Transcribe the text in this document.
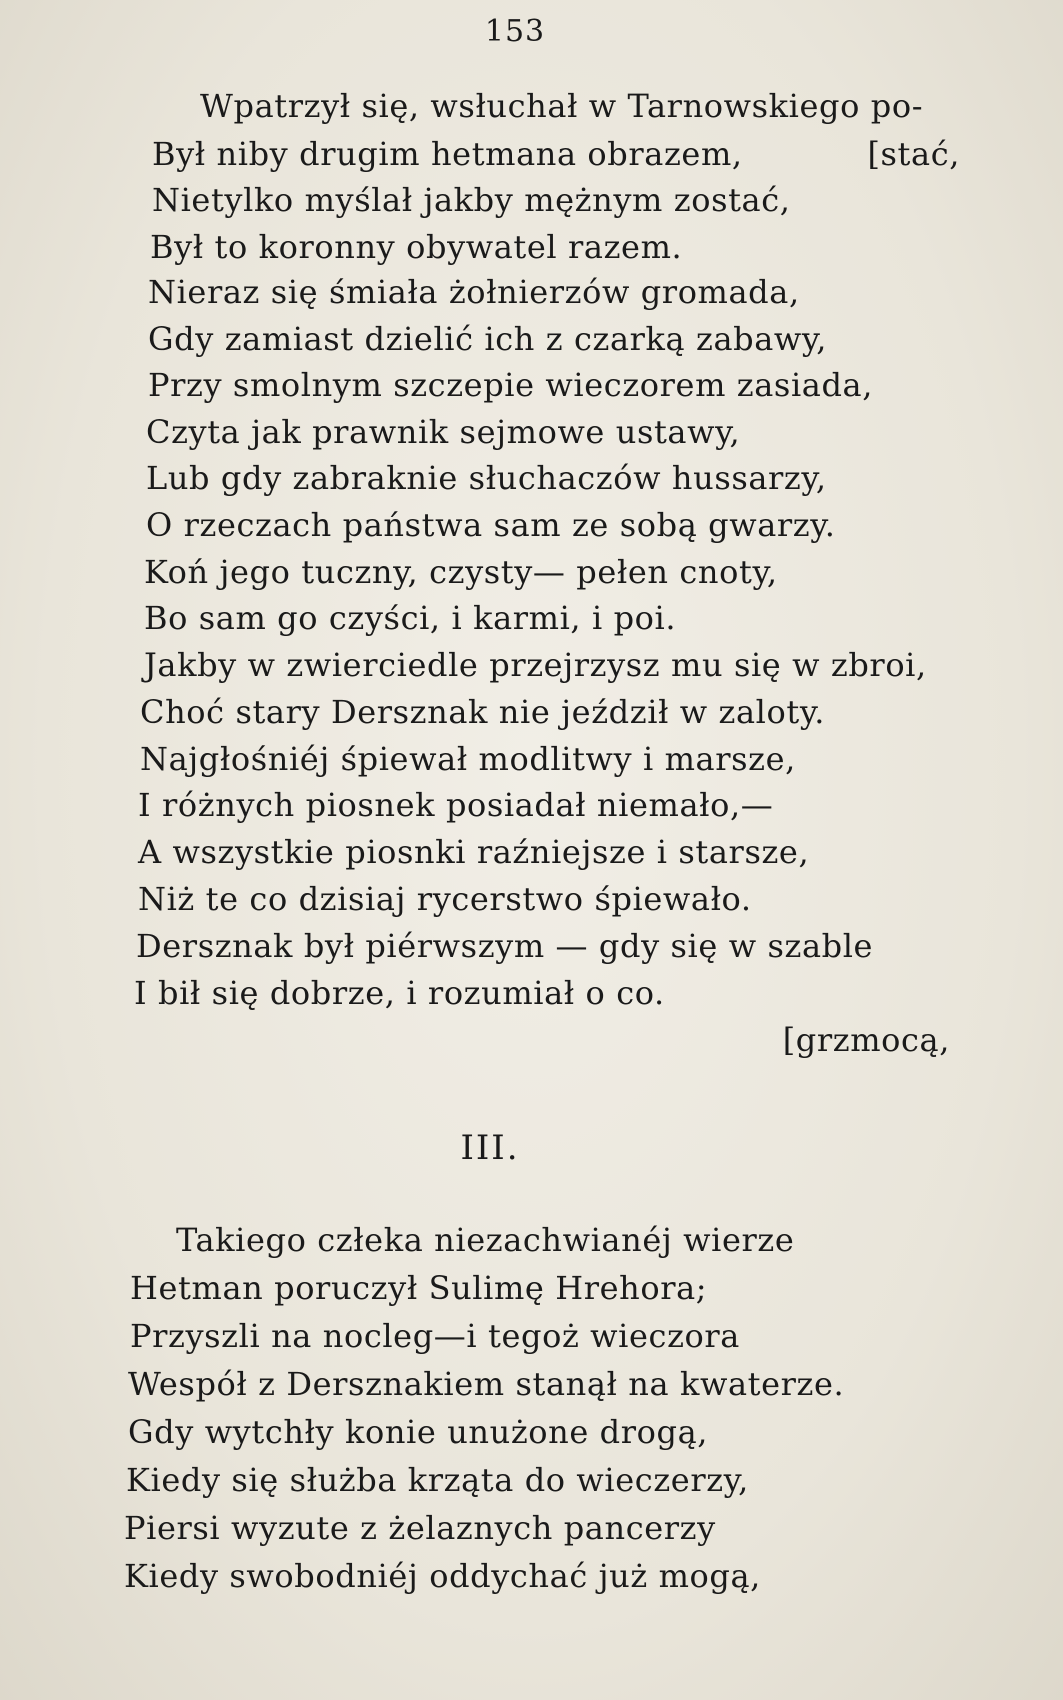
153
Wpatrzył się, wsłuchał w Tarnowskiego po-
Był niby drugim hetmana obrazem,
Nietylko myślał jakby mężnym zostać,
Był to koronny obywatel razem.
Nieraz się śmiała żołnierzów gromada,
Gdy zamiast dzielić ich z czarką zabawy,
Przy smolnym szczepie wieczorem zasiada,
Czyta jak prawnik sejmowe ustawy,
Lub gdy zabraknie słuchaczów hussarzy,
O rzeczach państwa sam ze sobą gwarzy.
Koń jego tuczny, czysty— pełen cnoty,
Bo sam go czyści, i karmi, i poi.
Jakby w zwierciedle przejrzysz mu się w zbroi,
Choć stary Dersznak nie jeździł w zaloty.
Najgłośniéj śpiewał modlitwy i marsze,
I różnych piosnek posiadał niemało,—
A wszystkie piosnki raźniejsze i starsze,
Niż te co dzisiaj rycerstwo śpiewało.
Dersznak był piérwszym — gdy się w szable
I bił się dobrze, i rozumiał o co.
[stać,
[grzmocą,
III.
Takiego człeka niezachwianéj wierze
Hetman poruczył Sulimę Hrehora;
Przyszli na nocleg—i tegoż wieczora
Wespół z Dersznakiem stanął na kwaterze.
Gdy wytchły konie unużone drogą,
Kiedy się służba krząta do wieczerzy,
Piersi wyzute z żelaznych pancerzy
Kiedy swobodniéj oddychać już mogą,
